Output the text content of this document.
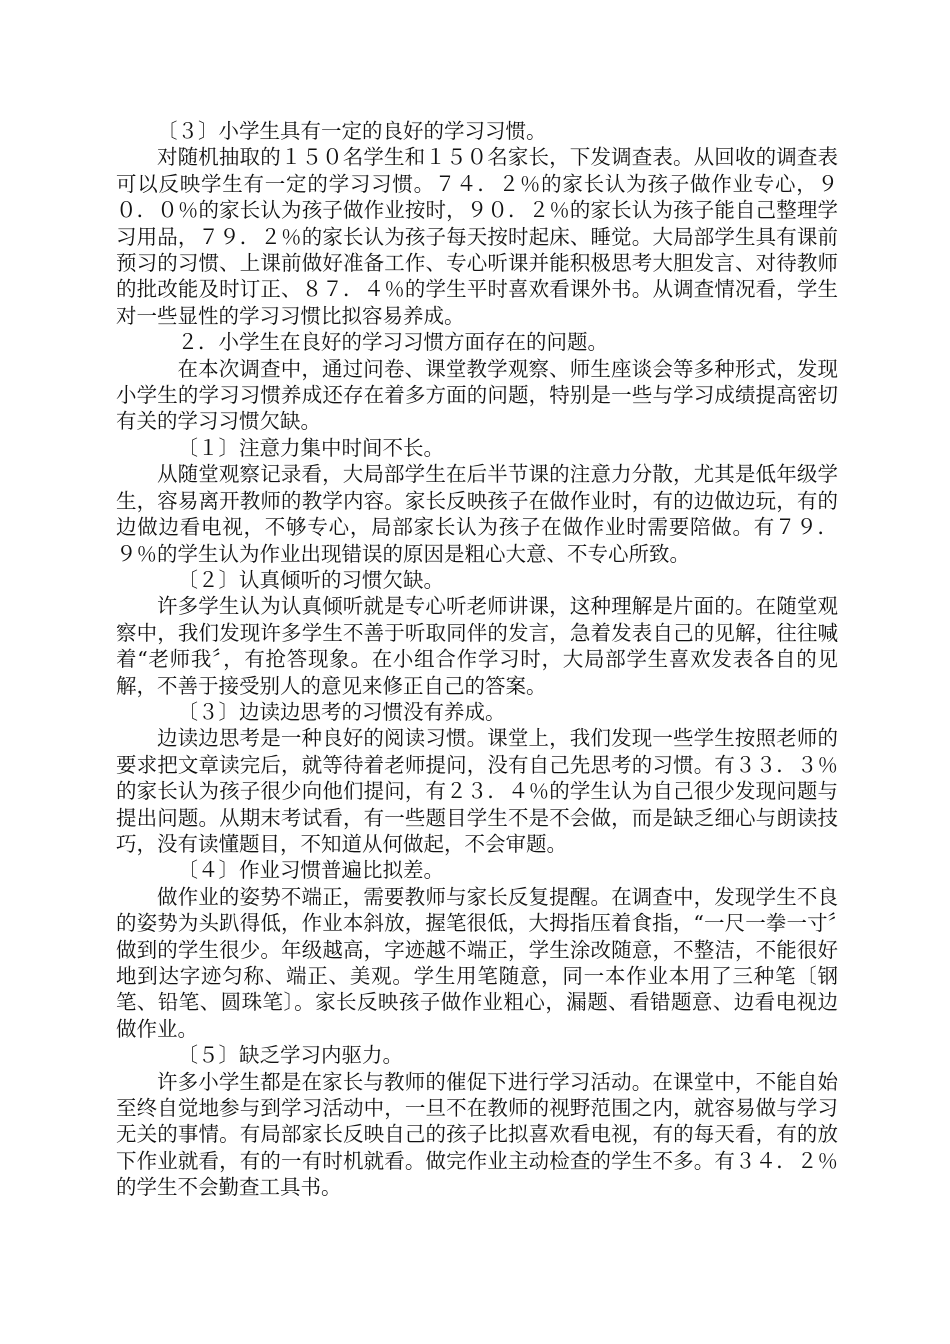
〔３〕小学生具有一定的良好的学习习惯。

对随机抽取的１５０名学生和１５０名家长，下发调查表。从回收的调查表可以反映学生有一定的学习习惯。７４．２％的家长认为孩子做作业专心，９０．０％的家长认为孩子做作业按时，９０．２％的家长认为孩子能自己整理学习用品，７９．２％的家长认为孩子每天按时起床、睡觉。大局部学生具有课前预习的习惯、上课前做好准备工作、专心听课并能积极思考大胆发言、对待教师的批改能及时订正、８７．４％的学生平时喜欢看课外书。从调查情况看，学生对一些显性的学习习惯比拟容易养成。

２．小学生在良好的学习习惯方面存在的问题。

在本次调查中，通过问卷、课堂教学观察、师生座谈会等多种形式，发现小学生的学习习惯养成还存在着多方面的问题，特别是一些与学习成绩提高密切有关的学习习惯欠缺。

〔１〕注意力集中时间不长。

从随堂观察记录看，大局部学生在后半节课的注意力分散，尤其是低年级学生，容易离开教师的教学内容。家长反映孩子在做作业时，有的边做边玩，有的边做边看电视，不够专心，局部家长认为孩子在做作业时需要陪做。有７９．９％的学生认为作业出现错误的原因是粗心大意、不专心所致。

〔２〕认真倾听的习惯欠缺。

许多学生认为认真倾听就是专心听老师讲课，这种理解是片面的。在随堂观察中，我们发现许多学生不善于听取同伴的发言，急着发表自己的见解，往往喊着“老师我〞，有抢答现象。在小组合作学习时，大局部学生喜欢发表各自的见解，不善于接受别人的意见来修正自己的答案。

〔３〕边读边思考的习惯没有养成。

边读边思考是一种良好的阅读习惯。课堂上，我们发现一些学生按照老师的要求把文章读完后，就等待着老师提问，没有自己先思考的习惯。有３３．３％的家长认为孩子很少向他们提问，有２３．４％的学生认为自己很少发现问题与提出问题。从期末考试看，有一些题目学生不是不会做，而是缺乏细心与朗读技巧，没有读懂题目，不知道从何做起，不会审题。

〔４〕作业习惯普遍比拟差。

做作业的姿势不端正，需要教师与家长反复提醒。在调查中，发现学生不良的姿势为头趴得低，作业本斜放，握笔很低，大拇指压着食指，“一尺一拳一寸〞做到的学生很少。年级越高，字迹越不端正，学生涂改随意，不整洁，不能很好地到达字迹匀称、端正、美观。学生用笔随意，同一本作业本用了三种笔〔钢笔、铅笔、圆珠笔〕。家长反映孩子做作业粗心，漏题、看错题意、边看电视边做作业。

〔５〕缺乏学习内驱力。

许多小学生都是在家长与教师的催促下进行学习活动。在课堂中，不能自始至终自觉地参与到学习活动中，一旦不在教师的视野范围之内，就容易做与学习无关的事情。有局部家长反映自己的孩子比拟喜欢看电视，有的每天看，有的放下作业就看，有的一有时机就看。做完作业主动检查的学生不多。有３４．２％的学生不会勤查工具书。
